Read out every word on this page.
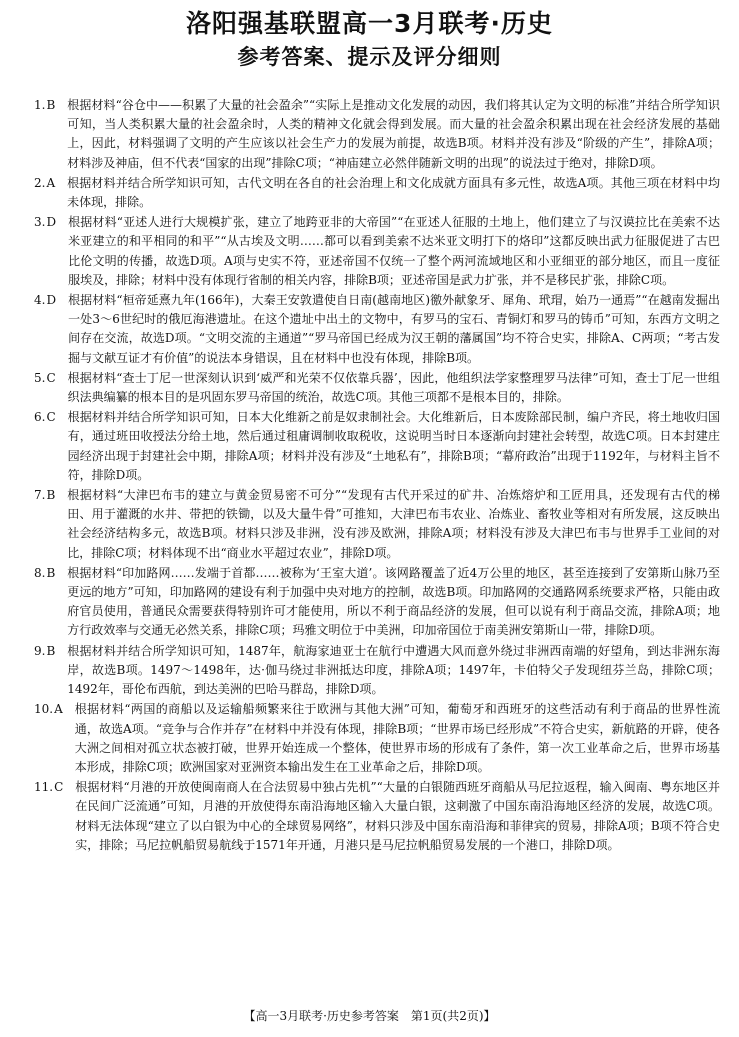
洛阳强基联盟高一3月联考·历史
参考答案、提示及评分细则
1. B 根据材料“谷仓中——积累了大量的社会盈余”“实际上是推动文化发展的动因，我们将其认定为文明的标准”并结合所学知识可知，当人类积累大量的社会盈余时，人类的精神文化就会得到发展。而大量的社会盈余积累出现在社会经济发展的基础上，因此，材料强调了文明的产生应该以社会生产力的发展为前提，故选B项。材料并没有涉及“阶级的产生”，排除A项；材料涉及神庙，但不代表“国家的出现”排除C项；“神庙建立必然伴随新文明的出现”的说法过于绝对，排除D项。
2. A 根据材料并结合所学知识可知，古代文明在各自的社会治理上和文化成就方面具有多元性，故选A项。其他三项在材料中均未体现，排除。
3. D 根据材料“亚述人进行大规模扩张，建立了地跨亚非的大帝国”“在亚述人征服的土地上，他们建立了与汉谟拉比在美索不达米亚建立的和平相同的和平”“从古埃及文明……都可以看到美索不达米亚文明打下的烙印”这都反映出武力征服促进了古巴比伦文明的传播，故选D项。A项与史实不符，亚述帝国不仅统一了整个两河流域地区和小亚细亚的部分地区，而且一度征服埃及，排除；材料中没有体现行省制的相关内容，排除B项；亚述帝国是武力扩张，并不是移民扩张，排除C项。
4. D 根据材料“桓帝延熹九年(166年)，大秦王安敦遣使自日南(越南地区)徼外献象牙、犀角、玳瑁，始乃一通焉”“在越南发掘出一处3～6世纪时的俄厄海港遗址。在这个遗址中出土的文物中，有罗马的宝石、青铜灯和罗马的铸币”可知，东西方文明之间存在交流，故选D项。“文明交流的主通道”“罗马帝国已经成为汉王朝的藩属国”均不符合史实，排除A、C两项；“考古发掘与文献互证才有价值”的说法本身错误，且在材料中也没有体现，排除B项。
5. C 根据材料“查士丁尼一世深刻认识到‘威严和光荣不仅依靠兵器’，因此，他组织法学家整理罗马法律”可知，查士丁尼一世组织法典编纂的根本目的是巩固东罗马帝国的统治，故选C项。其他三项都不是根本目的，排除。
6. C 根据材料并结合所学知识可知，日本大化维新之前是奴隶制社会。大化维新后，日本废除部民制，编户齐民，将土地收归国有，通过班田收授法分给土地，然后通过租庸调制收取税收，这说明当时日本逐渐向封建社会转型，故选C项。日本封建庄园经济出现于封建社会中期，排除A项；材料并没有涉及“土地私有”，排除B项；“幕府政治”出现于1192年，与材料主旨不符，排除D项。
7. B 根据材料“大津巴布韦的建立与黄金贸易密不可分”“发现有古代开采过的矿井、冶炼熔炉和工匠用具，还发现有古代的梯田、用于灌溉的水井、带把的铁锄，以及大量牛骨”可推知，大津巴布韦农业、冶炼业、畜牧业等相对有所发展，这反映出社会经济结构多元，故选B项。材料只涉及非洲，没有涉及欧洲，排除A项；材料没有涉及大津巴布韦与世界手工业间的对比，排除C项；材料体现不出“商业水平超过农业”，排除D项。
8. B 根据材料“印加路网……发端于首都……被称为‘王室大道’。该网路覆盖了近4万公里的地区，甚至连接到了安第斯山脉乃至更远的地方”可知，印加路网的建设有利于加强中央对地方的控制，故选B项。印加路网的交通路网系统要求严格，只能由政府官员使用，普通民众需要获得特别许可才能使用，所以不利于商品经济的发展，但可以说有利于商品交流，排除A项；地方行政效率与交通无必然关系，排除C项；玛雅文明位于中美洲，印加帝国位于南美洲安第斯山一带，排除D项。
9. B 根据材料并结合所学知识可知，1487年，航海家迪亚士在航行中遭遇大风而意外绕过非洲西南端的好望角，到达非洲东海岸，故选B项。1497～1498年，达·伽马绕过非洲抵达印度，排除A项；1497年，卡伯特父子发现纽芬兰岛，排除C项；1492年，哥伦布西航，到达美洲的巴哈马群岛，排除D项。
10. A 根据材料“两国的商船以及运输船频繁来往于欧洲与其他大洲”可知，葡萄牙和西班牙的这些活动有利于商品的世界性流通，故选A项。“竞争与合作并存”在材料中并没有体现，排除B项；“世界市场已经形成”不符合史实，新航路的开辟，使各大洲之间相对孤立状态被打破，世界开始连成一个整体，使世界市场的形成有了条件，第一次工业革命之后，世界市场基本形成，排除C项；欧洲国家对亚洲资本输出发生在工业革命之后，排除D项。
11. C 根据材料“月港的开放使闽南商人在合法贸易中独占先机”“大量的白银随西班牙商船从马尼拉返程，输入闽南、粤东地区并在民间广泛流通”可知，月港的开放使得东南沿海地区输入大量白银，这刺激了中国东南沿海地区经济的发展，故选C项。材料无法体现“建立了以白银为中心的全球贸易网络”，材料只涉及中国东南沿海和菲律宾的贸易，排除A项；B项不符合史实，排除；马尼拉帆船贸易航线于1571年开通，月港只是马尼拉帆船贸易发展的一个港口，排除D项。
【高一3月联考·历史参考答案　第1页(共2页)】
